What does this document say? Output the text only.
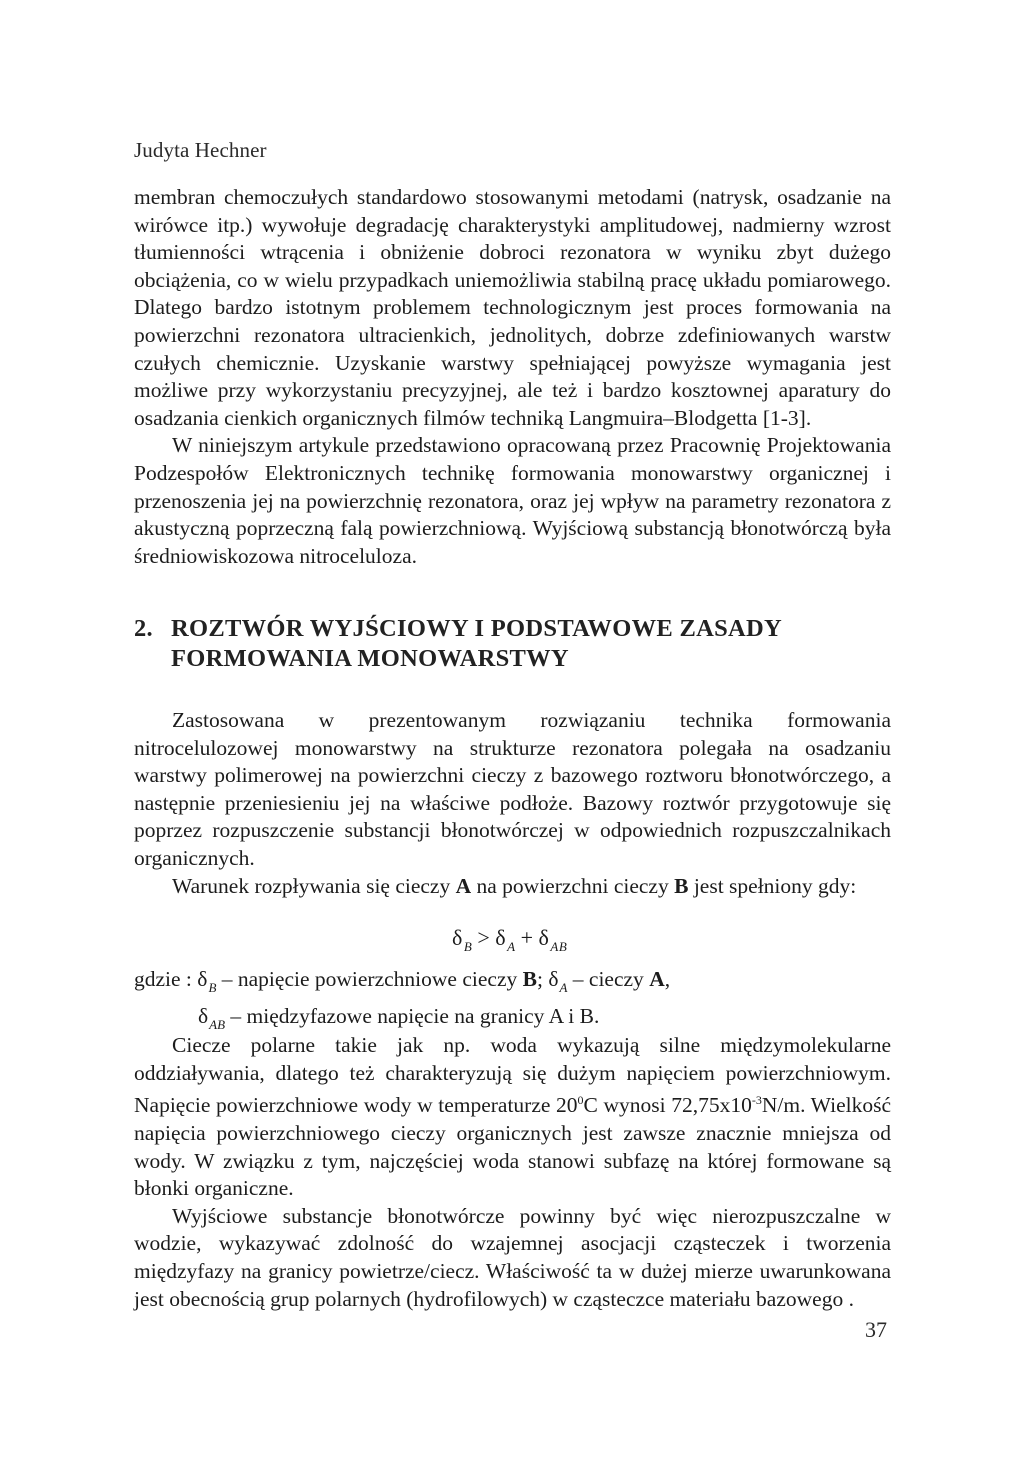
Judyta Hechner

membran chemoczułych standardowo stosowanymi metodami (natrysk, osadzanie na wirówce itp.) wywołuje degradację charakterystyki amplitudowej, nadmierny wzrost tłumienności wtrącenia i obniżenie dobroci rezonatora w wyniku zbyt dużego obciążenia, co w wielu przypadkach uniemożliwia stabilną pracę układu pomiarowego. Dlatego bardzo istotnym problemem technologicznym jest proces formowania na powierzchni rezonatora ultracienkich, jednolitych, dobrze zdefiniowanych warstw czułych chemicznie. Uzyskanie warstwy spełniającej powyższe wymagania jest możliwe przy wykorzystaniu precyzyjnej, ale też i bardzo kosztownej aparatury do osadzania cienkich organicznych filmów techniką Langmuira–Blodgetta [1-3].

W niniejszym artykule przedstawiono opracowaną przez Pracownię Projektowania Podzespołów Elektronicznych technikę formowania monowarstwy organicznej i przenoszenia jej na powierzchnię rezonatora, oraz jej wpływ na parametry rezonatora z akustyczną poprzeczną falą powierzchniową. Wyjściową substancją błonotwórczą była średniowiskozowa nitroceluloza.

2. ROZTWÓR WYJŚCIOWY I PODSTAWOWE ZASADY
FORMOWANIA MONOWARSTWY

Zastosowana w prezentowanym rozwiązaniu technika formowania nitrocelulozowej monowarstwy na strukturze rezonatora polegała na osadzaniu warstwy polimerowej na powierzchni cieczy z bazowego roztworu błonotwórczego, a następnie przeniesieniu jej na właściwe podłoże. Bazowy roztwór przygotowuje się poprzez rozpuszczenie substancji błonotwórczej w odpowiednich rozpuszczalnikach organicznych.

Warunek rozpływania się cieczy A na powierzchni cieczy B jest spełniony gdy:

$\delta_B > \delta_A + \delta_{AB}$
gdzie : $\delta_B$ – napięcie powierzchniowe cieczy B; $\delta_A$ – cieczy A,
$\delta_{AB}$ – międzyfazowe napięcie na granicy A i B.

Ciecze polarne takie jak np. woda wykazują silne międzymolekularne oddziaływania, dlatego też charakteryzują się dużym napięciem powierzchniowym. Napięcie powierzchniowe wody w temperaturze $20^0C$ wynosi $72,75x10^{-3}N/m$. Wielkość napięcia powierzchniowego cieczy organicznych jest zawsze znacznie mniejsza od wody. W związku z tym, najczęściej woda stanowi subfazę na której formowane są błonki organiczne.

Wyjściowe substancje błonotwórcze powinny być więc nierozpuszczalne w wodzie, wykazywać zdolność do wzajemnej asocjacji cząsteczek i tworzenia międzyfazy na granicy powietrze/ciecz. Właściwość ta w dużej mierze uwarunkowana jest obecnością grup polarnych (hydrofilowych) w cząsteczce materiału bazowego .

37
